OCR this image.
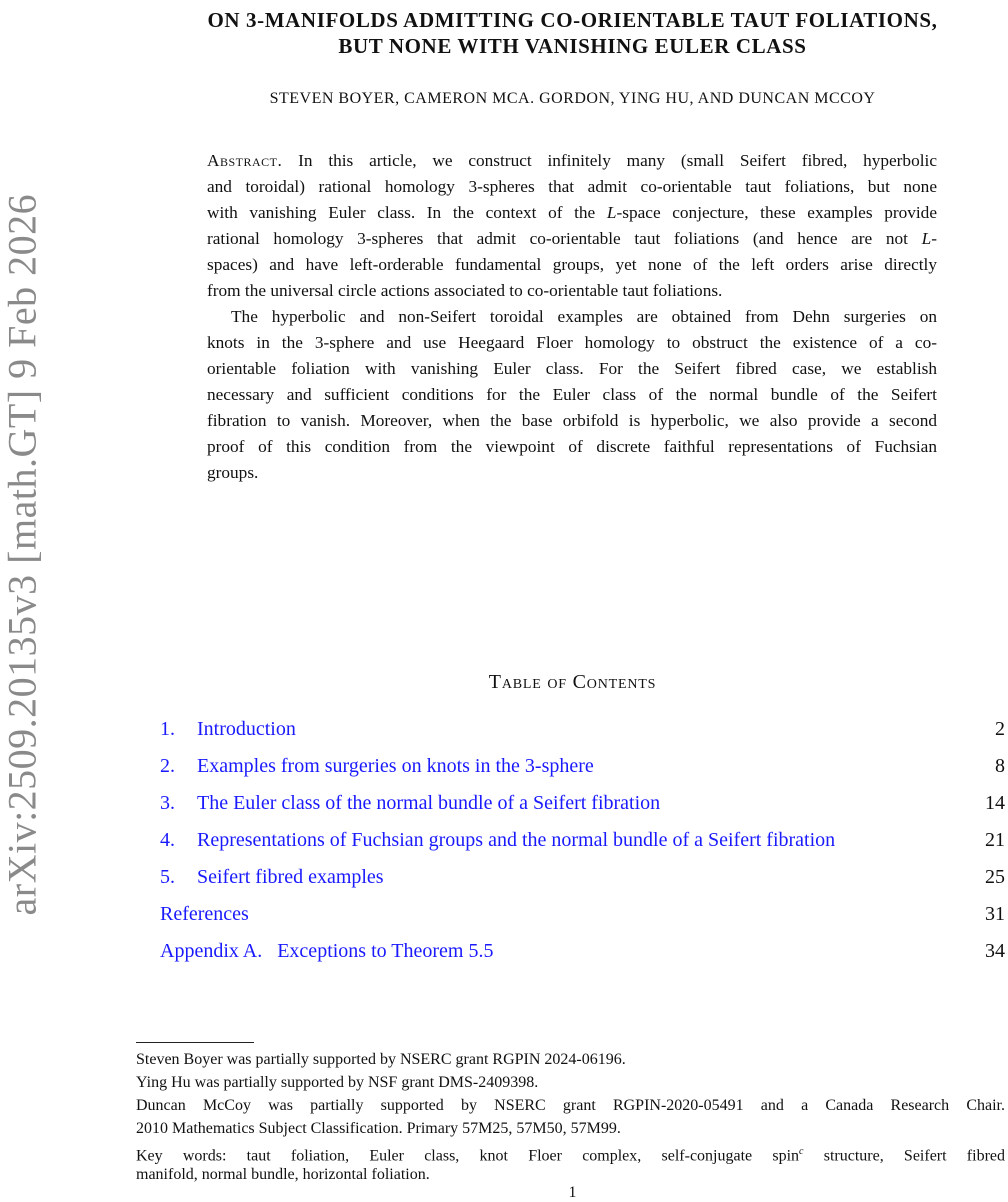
arXiv:2509.20135v3 [math.GT] 9 Feb 2026
ON 3-MANIFOLDS ADMITTING CO-ORIENTABLE TAUT FOLIATIONS,
BUT NONE WITH VANISHING EULER CLASS
STEVEN BOYER, CAMERON MCA. GORDON, YING HU, AND DUNCAN MCCOY
Abstract. In this article, we construct infinitely many (small Seifert fibred, hyperbolic
and toroidal) rational homology 3-spheres that admit co-orientable taut foliations, but none
with vanishing Euler class. In the context of the L-space conjecture, these examples provide
rational homology 3-spheres that admit co-orientable taut foliations (and hence are not L-
spaces) and have left-orderable fundamental groups, yet none of the left orders arise directly
from the universal circle actions associated to co-orientable taut foliations.
The hyperbolic and non-Seifert toroidal examples are obtained from Dehn surgeries on
knots in the 3-sphere and use Heegaard Floer homology to obstruct the existence of a co-
orientable foliation with vanishing Euler class. For the Seifert fibred case, we establish
necessary and sufficient conditions for the Euler class of the normal bundle of the Seifert
fibration to vanish. Moreover, when the base orbifold is hyperbolic, we also provide a second
proof of this condition from the viewpoint of discrete faithful representations of Fuchsian
groups.
Table of Contents
1. Introduction	2
2. Examples from surgeries on knots in the 3-sphere	8
3. The Euler class of the normal bundle of a Seifert fibration	14
4. Representations of Fuchsian groups and the normal bundle of a Seifert fibration	21
5. Seifert fibred examples	25
References	31
Appendix A.   Exceptions to Theorem 5.5	34
Steven Boyer was partially supported by NSERC grant RGPIN 2024-06196.
Ying Hu was partially supported by NSF grant DMS-2409398.
Duncan McCoy was partially supported by NSERC grant RGPIN-2020-05491 and a Canada Research Chair.
2010 Mathematics Subject Classification. Primary 57M25, 57M50, 57M99.
Key words: taut foliation, Euler class, knot Floer complex, self-conjugate spin$^c$ structure, Seifert fibred
manifold, normal bundle, horizontal foliation.
1
